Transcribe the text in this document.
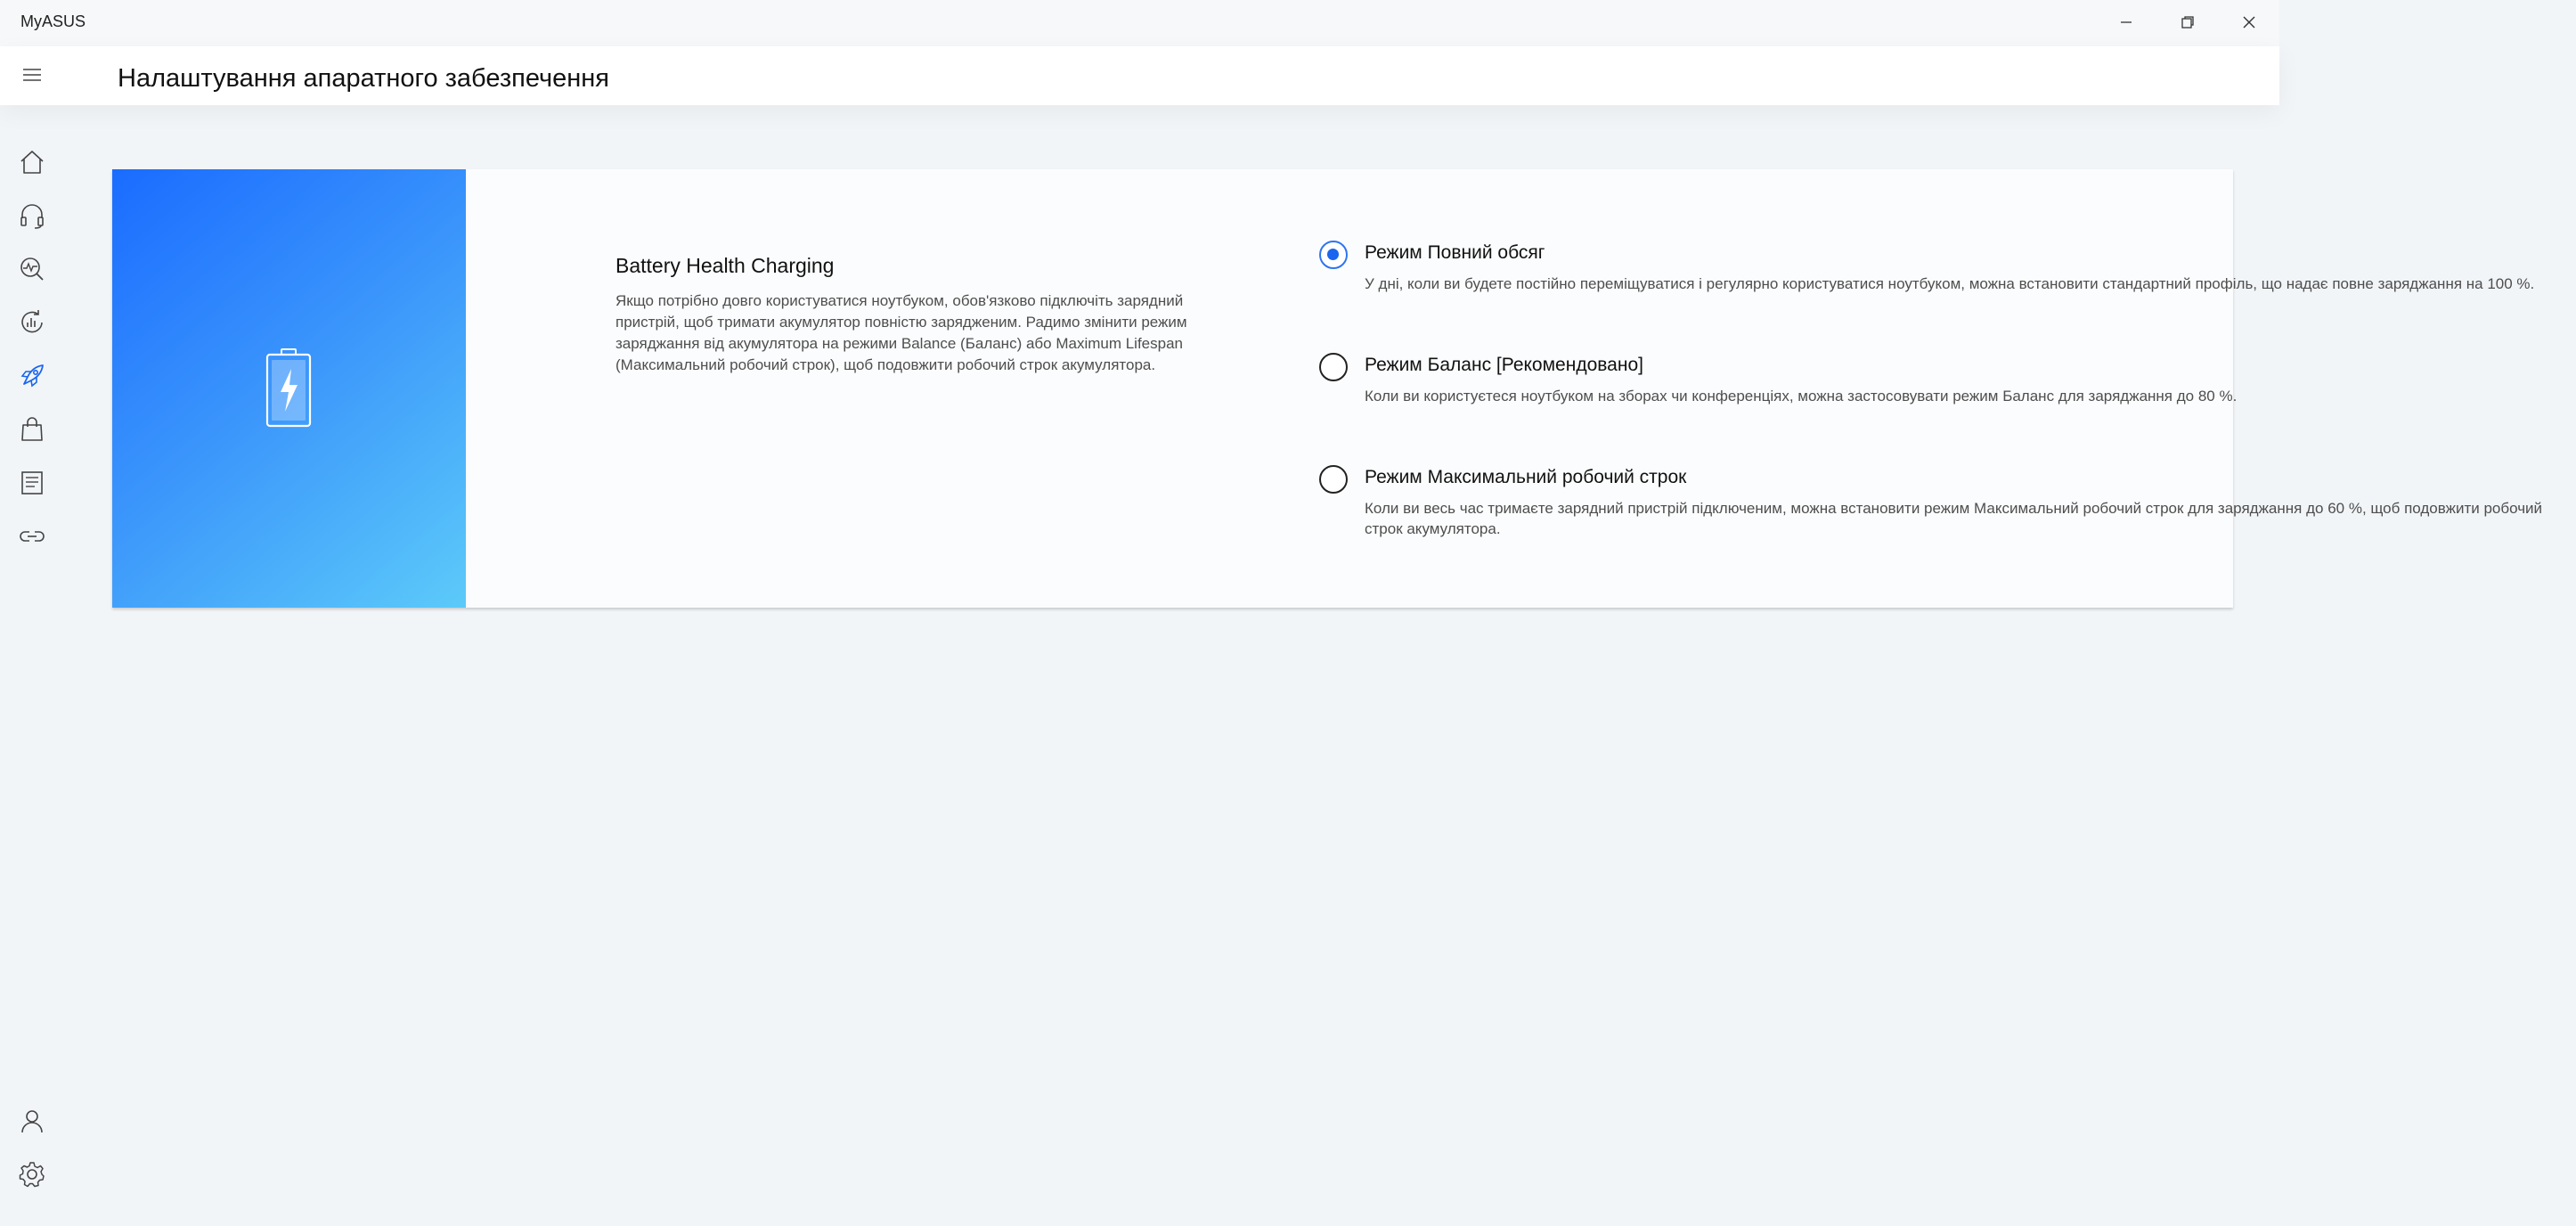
MyASUS
Налаштування апаратного забезпечення
Battery Health Charging
Якщо потрібно довго користуватися ноутбуком, обов'язково підключіть зарядний пристрій, щоб тримати акумулятор повністю зарядженим. Радимо змінити режим заряджання від акумулятора на режими Balance (Баланс) або Maximum Lifespan (Максимальний робочий строк), щоб подовжити робочий строк акумулятора.
Режим Повний обсяг
У дні, коли ви будете постійно переміщуватися і регулярно користуватися ноутбуком, можна встановити стандартний профіль, що надає повне заряджання на 100 %.
Режим Баланс [Рекомендовано]
Коли ви користуєтеся ноутбуком на зборах чи конференціях, можна застосовувати режим Баланс для заряджання до 80 %.
Режим Максимальний робочий строк
Коли ви весь час тримаєте зарядний пристрій підключеним, можна встановити режим Максимальний робочий строк для заряджання до 60 %, щоб подовжити робочий строк акумулятора.
